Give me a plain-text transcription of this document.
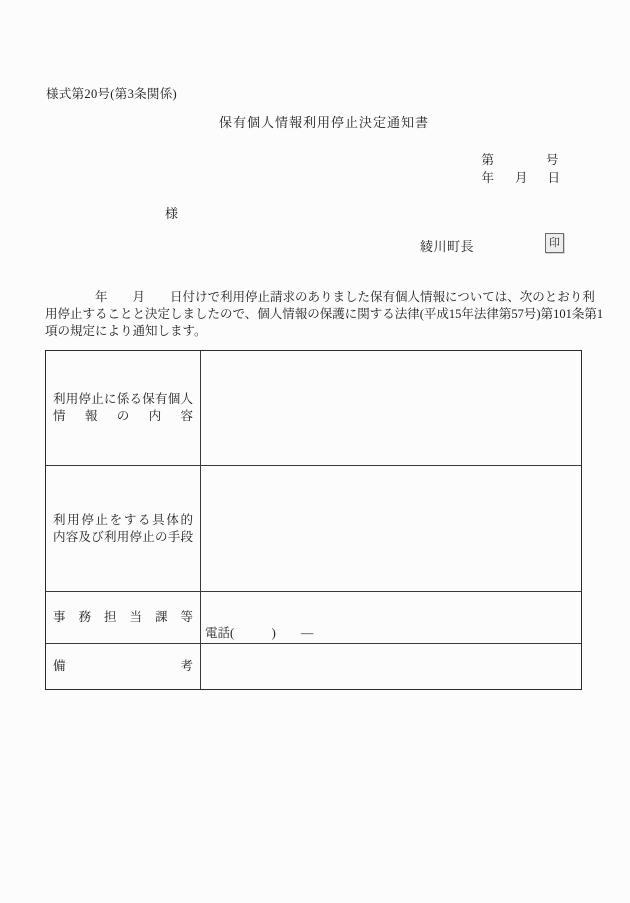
様式第20号(第3条関係)
保有個人情報利用停止決定通知書
第	号
年 月 日
様
綾川町長	印
　　　　年　　月　　日付けで利用停止請求のありました保有個人情報については、次のとおり利
用停止することと決定しましたので、個人情報の保護に関する法律(平成15年法律第57号)第101条第1
項の規定により通知します。
利用停止に係る保有個人
情報の内容
利用停止をする具体的
内容及び利用停止の手段
事務担当課等
電話(　　　)　　―
備考
